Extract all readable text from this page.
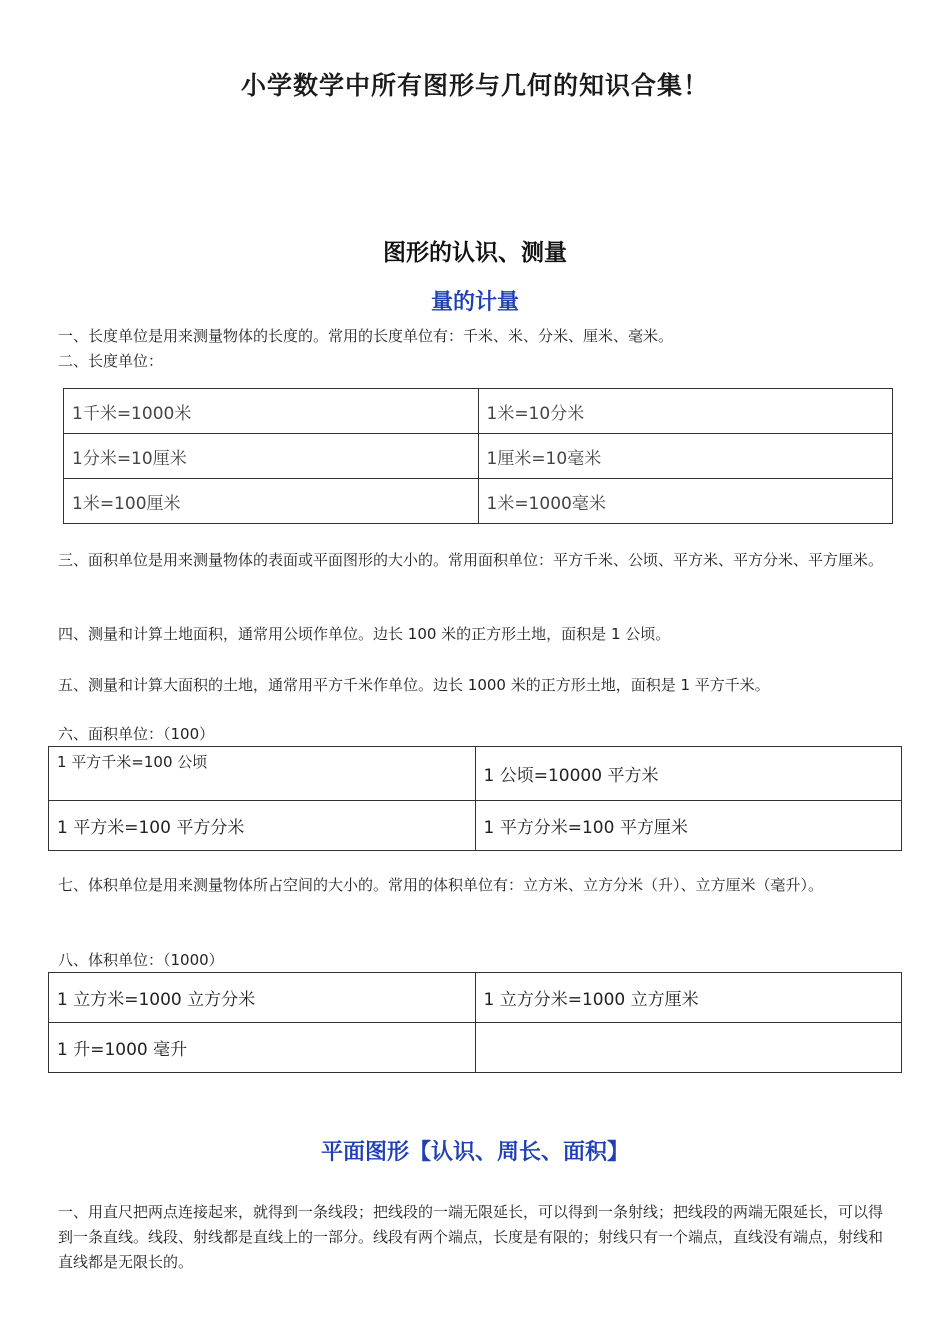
小学数学中所有图形与几何的知识合集！
图形的认识、测量
量的计量
一、长度单位是用来测量物体的长度的。常用的长度单位有：千米、米、分米、厘米、毫米。
二、长度单位：
1千米=1000米	1米=10分米
1分米=10厘米	1厘米=10毫米
1米=100厘米	1米=1000毫米
三、面积单位是用来测量物体的表面或平面图形的大小的。常用面积单位：平方千米、公顷、平方米、平方分米、平方厘米。
四、测量和计算土地面积，通常用公顷作单位。边长 100 米的正方形土地，面积是 1 公顷。
五、测量和计算大面积的土地，通常用平方千米作单位。边长 1000 米的正方形土地，面积是 1 平方千米。
六、面积单位：（100）
1 平方千米=100 公顷	1 公顷=10000 平方米
1 平方米=100 平方分米	1 平方分米=100 平方厘米
七、体积单位是用来测量物体所占空间的大小的。常用的体积单位有：立方米、立方分米（升）、立方厘米（毫升）。
八、体积单位：（1000）
1 立方米=1000 立方分米	1 立方分米=1000 立方厘米
1 升=1000 毫升	
平面图形【认识、周长、面积】
一、用直尺把两点连接起来，就得到一条线段；把线段的一端无限延长，可以得到一条射线；把线段的两端无限延长，可以得到一条直线。线段、射线都是直线上的一部分。线段有两个端点，长度是有限的；射线只有一个端点，直线没有端点，射线和直线都是无限长的。
